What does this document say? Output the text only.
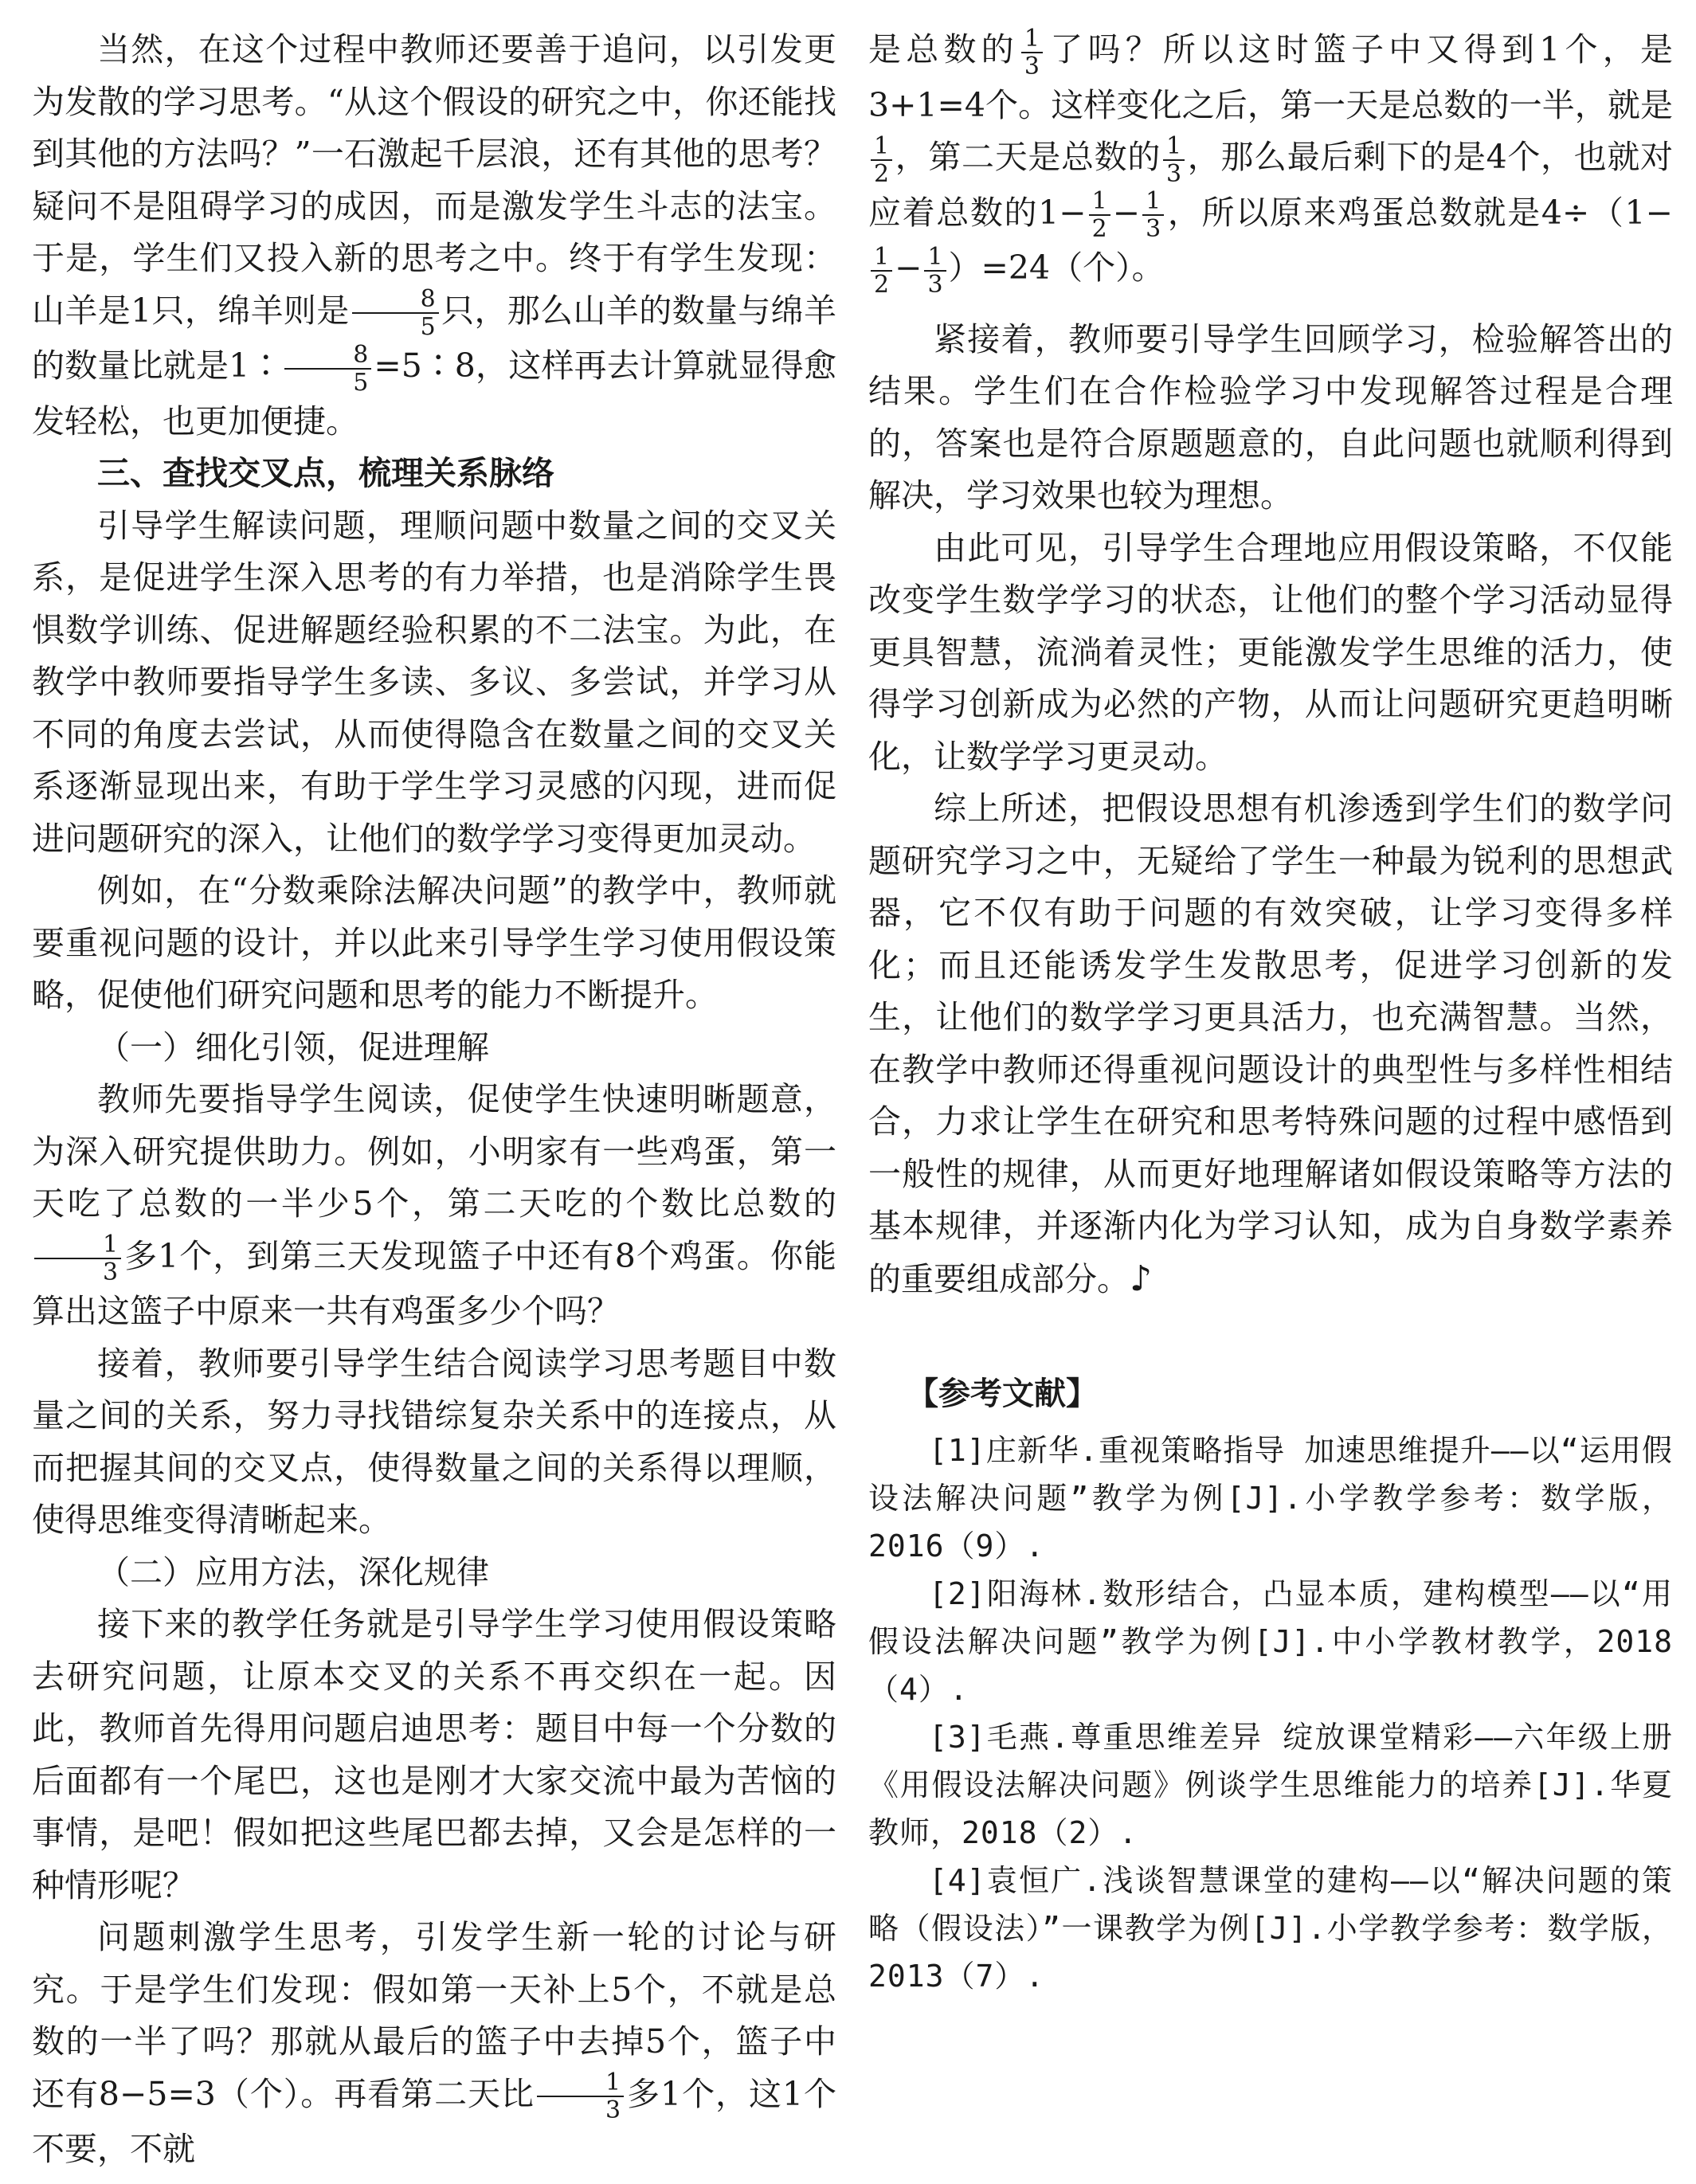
当然，在这个过程中教师还要善于追问，以引发更为发散的学习思考。“从这个假设的研究之中，你还能找到其他的方法吗？”一石激起千层浪，还有其他的思考？疑问不是阻碍学习的成因，而是激发学生斗志的法宝。于是，学生们又投入新的思考之中。终于有学生发现：山羊是1只，绵羊则是 $\frac{8}{5}$ 只，那么山羊的数量与绵羊的数量比就是1∶ $\frac{8}{5}$ =5∶8，这样再去计算就显得愈发轻松，也更加便捷。

三、查找交叉点，梳理关系脉络

引导学生解读问题，理顺问题中数量之间的交叉关系，是促进学生深入思考的有力举措，也是消除学生畏惧数学训练、促进解题经验积累的不二法宝。为此，在教学中教师要指导学生多读、多议、多尝试，并学习从不同的角度去尝试，从而使得隐含在数量之间的交叉关系逐渐显现出来，有助于学生学习灵感的闪现，进而促进问题研究的深入，让他们的数学学习变得更加灵动。

例如，在“分数乘除法解决问题”的教学中，教师就要重视问题的设计，并以此来引导学生学习使用假设策略，促使他们研究问题和思考的能力不断提升。

（一）细化引领，促进理解

教师先要指导学生阅读，促使学生快速明晰题意，为深入研究提供助力。例如，小明家有一些鸡蛋，第一天吃了总数的一半少5个，第二天吃的个数比总数的
$\frac{1}{3}$ 多1个，到第三天发现篮子中还有8个鸡蛋。你能算出这篮子中原来一共有鸡蛋多少个吗？

接着，教师要引导学生结合阅读学习思考题目中数量之间的关系，努力寻找错综复杂关系中的连接点，从而把握其间的交叉点，使得数量之间的关系得以理顺，使得思维变得清晰起来。

（二）应用方法，深化规律

接下来的教学任务就是引导学生学习使用假设策略去研究问题，让原本交叉的关系不再交织在一起。因此，教师首先得用问题启迪思考：题目中每一个分数的后面都有一个尾巴，这也是刚才大家交流中最为苦恼的事情，是吧！假如把这些尾巴都去掉，又会是怎样的一种情形呢？

问题刺激学生思考，引发学生新一轮的讨论与研究。于是学生们发现：假如第一天补上5个，不就是总数的一半了吗？那就从最后的篮子中去掉5个，篮子中还有8−5=3（个）。再看第二天比 $\frac{1}{3}$ 多1个，这1个不要，不就

是总数的 $\frac{1}{3}$ 了吗？所以这时篮子中又得到1个，是3+1=4个。这样变化之后，第一天是总数的一半，就是
$\frac{1}{2}$ ，第二天是总数的 $\frac{1}{3}$ ，那么最后剩下的是4个，也就对应着总数的$1- \frac{1}{2} - \frac{1}{3}$ ，所以原来鸡蛋总数就是4÷（1−
$\frac{1}{2} - \frac{1}{3} )=24$（个）。

紧接着，教师要引导学生回顾学习，检验解答出的结果。学生们在合作检验学习中发现解答过程是合理的，答案也是符合原题题意的，自此问题也就顺利得到解决，学习效果也较为理想。

由此可见，引导学生合理地应用假设策略，不仅能改变学生数学学习的状态，让他们的整个学习活动显得更具智慧，流淌着灵性；更能激发学生思维的活力，使得学习创新成为必然的产物，从而让问题研究更趋明晰化，让数学学习更灵动。

综上所述，把假设思想有机渗透到学生们的数学问题研究学习之中，无疑给了学生一种最为锐利的思想武器，它不仅有助于问题的有效突破，让学习变得多样化；而且还能诱发学生发散思考，促进学习创新的发生，让他们的数学学习更具活力，也充满智慧。当然，在教学中教师还得重视问题设计的典型性与多样性相结合，力求让学生在研究和思考特殊问题的过程中感悟到一般性的规律，从而更好地理解诸如假设策略等方法的基本规律，并逐渐内化为学习认知，成为自身数学素养的重要组成部分。♪

【参考文献】

[1]庄新华.重视策略指导 加速思维提升——以“运用假设法解决问题”教学为例[J].小学教学参考：数学版，2016（9）.

[2]阳海林.数形结合，凸显本质，建构模型——以“用假设法解决问题”教学为例[J].中小学教材教学，2018（4）.

[3]毛燕.尊重思维差异 绽放课堂精彩——六年级上册《用假设法解决问题》例谈学生思维能力的培养[J].华夏教师，2018（2）.

[4]袁恒广.浅谈智慧课堂的建构——以“解决问题的策略（假设法）”一课教学为例[J].小学教学参考：数学版，2013（7）.
